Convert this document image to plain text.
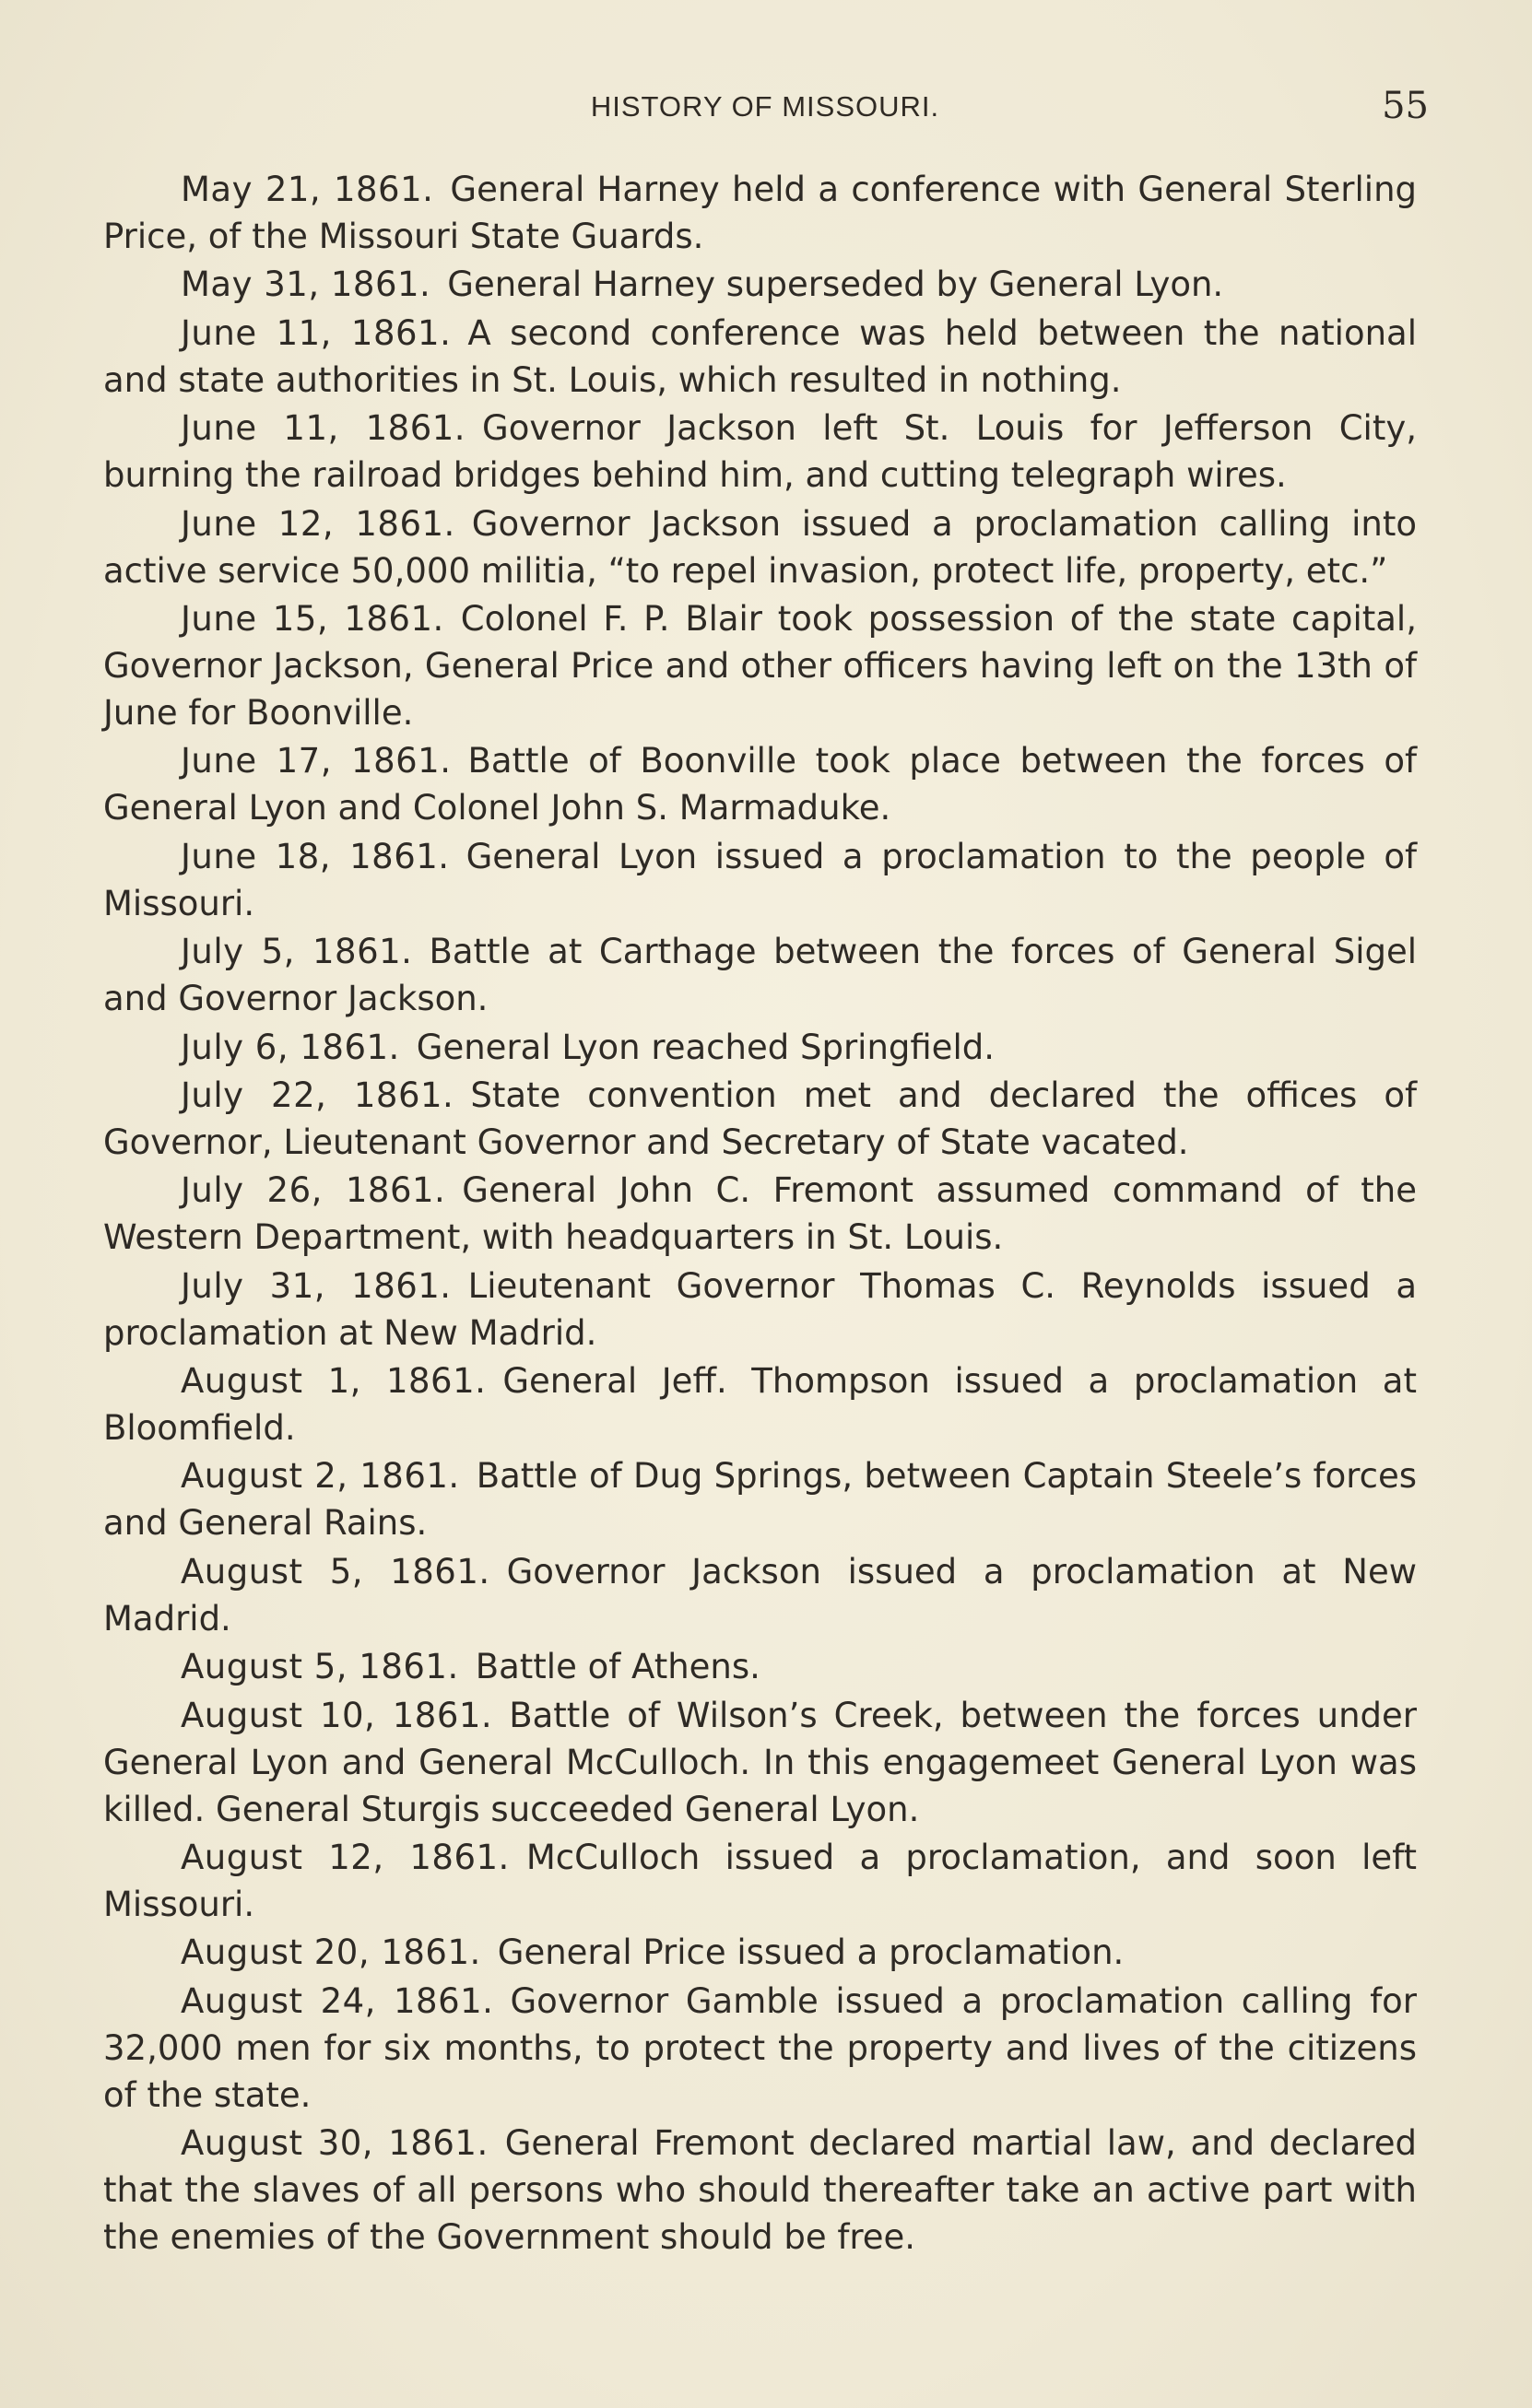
HISTORY OF MISSOURI.	55

May 21, 1861. General Harney held a conference with General Sterling Price, of the Missouri State Guards.

May 31, 1861. General Harney superseded by General Lyon.

June 11, 1861. A second conference was held between the national and state authorities in St. Louis, which resulted in nothing.

June 11, 1861. Governor Jackson left St. Louis for Jefferson City, burning the railroad bridges behind him, and cutting telegraph wires.

June 12, 1861. Governor Jackson issued a proclamation calling into active service 50,000 militia, “to repel invasion, protect life, property, etc.”

June 15, 1861. Colonel F. P. Blair took possession of the state capital, Governor Jackson, General Price and other officers having left on the 13th of June for Boonville.

June 17, 1861. Battle of Boonville took place between the forces of General Lyon and Colonel John S. Marmaduke.

June 18, 1861. General Lyon issued a proclamation to the people of Missouri.

July 5, 1861. Battle at Carthage between the forces of General Sigel and Governor Jackson.

July 6, 1861. General Lyon reached Springfield.

July 22, 1861. State convention met and declared the offices of Governor, Lieutenant Governor and Secretary of State vacated.

July 26, 1861. General John C. Fremont assumed command of the Western Department, with headquarters in St. Louis.

July 31, 1861. Lieutenant Governor Thomas C. Reynolds issued a proclamation at New Madrid.

August 1, 1861. General Jeff. Thompson issued a proclamation at Bloomfield.

August 2, 1861. Battle of Dug Springs, between Captain Steele’s forces and General Rains.

August 5, 1861. Governor Jackson issued a proclamation at New Madrid.

August 5, 1861. Battle of Athens.

August 10, 1861. Battle of Wilson’s Creek, between the forces under General Lyon and General McCulloch. In this engagemeet General Lyon was killed. General Sturgis succeeded General Lyon.

August 12, 1861. McCulloch issued a proclamation, and soon left Missouri.

August 20, 1861. General Price issued a proclamation.

August 24, 1861. Governor Gamble issued a proclamation calling for 32,000 men for six months, to protect the property and lives of the citizens of the state.

August 30, 1861. General Fremont declared martial law, and declared that the slaves of all persons who should thereafter take an active part with the enemies of the Government should be free.
